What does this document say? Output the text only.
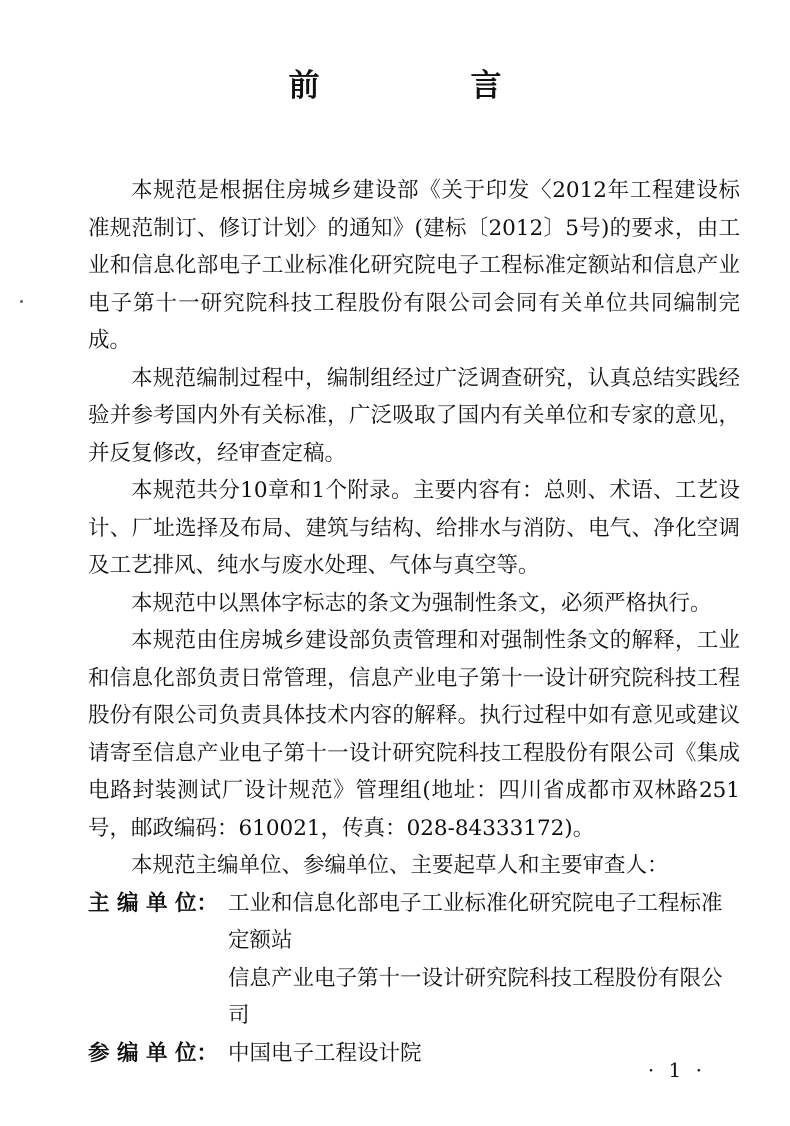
前　言

本规范是根据住房城乡建设部《关于印发〈2012年工程建设标准规范制订、修订计划〉的通知》(建标〔2012〕5号)的要求，由工业和信息化部电子工业标准化研究院电子工程标准定额站和信息产业电子第十一研究院科技工程股份有限公司会同有关单位共同编制完成。

本规范编制过程中，编制组经过广泛调查研究，认真总结实践经验并参考国内外有关标准，广泛吸取了国内有关单位和专家的意见，并反复修改，经审查定稿。

本规范共分10章和1个附录。主要内容有：总则、术语、工艺设计、厂址选择及布局、建筑与结构、给排水与消防、电气、净化空调及工艺排风、纯水与废水处理、气体与真空等。

本规范中以黑体字标志的条文为强制性条文，必须严格执行。

本规范由住房城乡建设部负责管理和对强制性条文的解释，工业和信息化部负责日常管理，信息产业电子第十一设计研究院科技工程股份有限公司负责具体技术内容的解释。执行过程中如有意见或建议请寄至信息产业电子第十一设计研究院科技工程股份有限公司《集成电路封装测试厂设计规范》管理组(地址：四川省成都市双林路251号，邮政编码：610021，传真：028-84333172)。

本规范主编单位、参编单位、主要起草人和主要审查人：

主 编 单 位： 工业和信息化部电子工业标准化研究院电子工程标准定额站

信息产业电子第十一设计研究院科技工程股份有限公司

参 编 单 位： 中国电子工程设计院

· 1 ·
